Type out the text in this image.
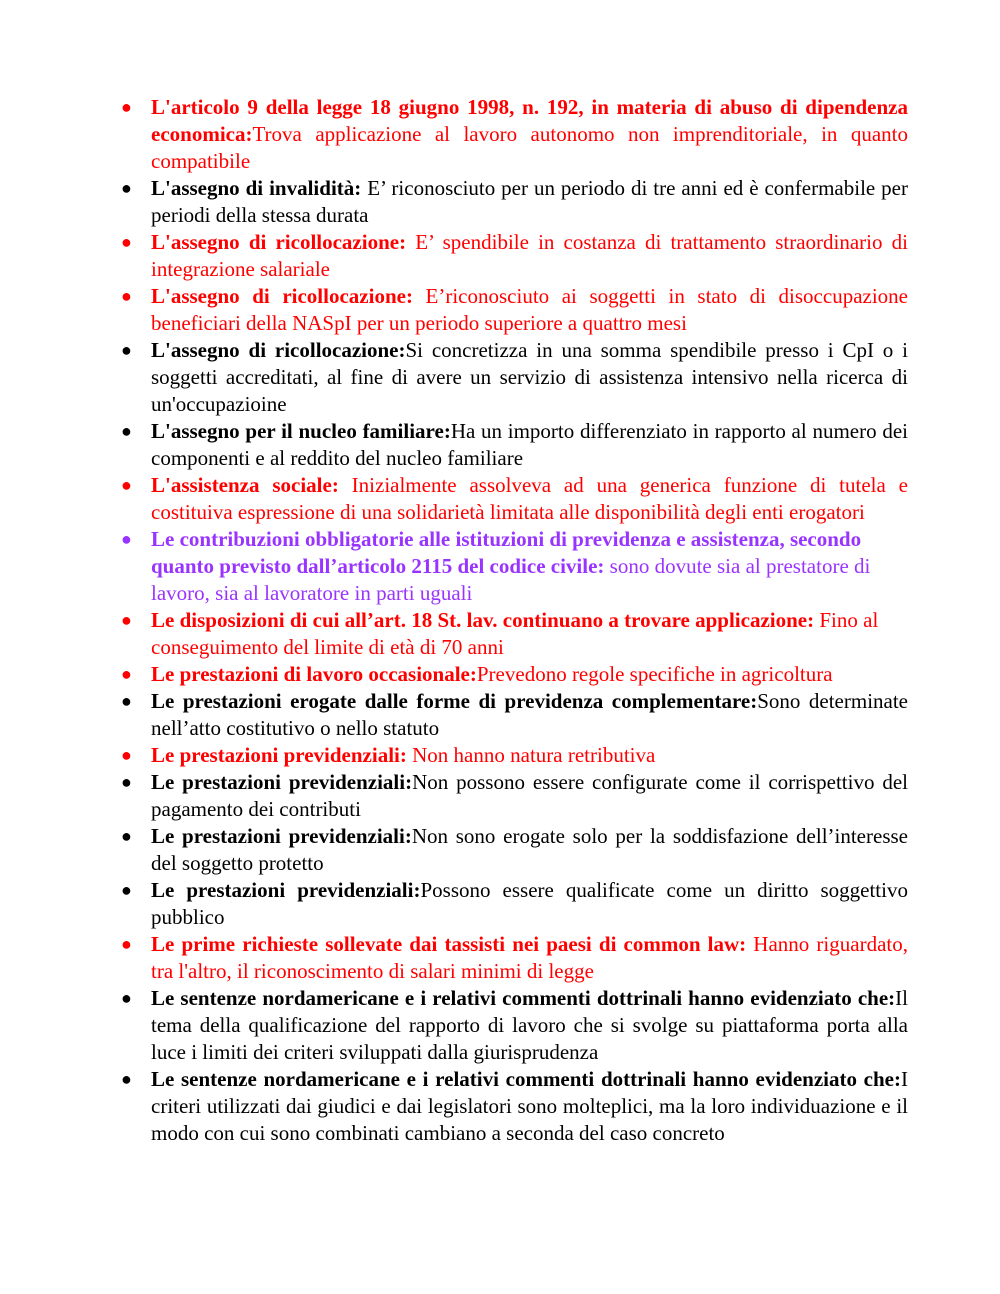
● L'articolo 9 della legge 18 giugno 1998, n. 192, in materia di abuso di dipendenza economica:Trova applicazione al lavoro autonomo non imprenditoriale, in quanto compatibile
● L'assegno di invalidità: E’ riconosciuto per un periodo di tre anni ed è confermabile per periodi della stessa durata
● L'assegno di ricollocazione: E’ spendibile in costanza di trattamento straordinario di integrazione salariale
● L'assegno di ricollocazione: E’riconosciuto ai soggetti in stato di disoccupazione beneficiari della NASpI per un periodo superiore a quattro mesi
● L'assegno di ricollocazione:Si concretizza in una somma spendibile presso i CpI o i soggetti accreditati, al fine di avere un servizio di assistenza intensivo nella ricerca di un'occupazioine
● L'assegno per il nucleo familiare:Ha un importo differenziato in rapporto al numero dei componenti e al reddito del nucleo familiare
● L'assistenza sociale: Inizialmente assolveva ad una generica funzione di tutela e costituiva espressione di una solidarietà limitata alle disponibilità degli enti erogatori
● Le contribuzioni obbligatorie alle istituzioni di previdenza e assistenza, secondo quanto previsto dall’articolo 2115 del codice civile: sono dovute sia al prestatore di lavoro, sia al lavoratore in parti uguali
● Le disposizioni di cui all’art. 18 St. lav. continuano a trovare applicazione: Fino al conseguimento del limite di età di 70 anni
● Le prestazioni di lavoro occasionale:Prevedono regole specifiche in agricoltura
● Le prestazioni erogate dalle forme di previdenza complementare:Sono determinate nell’atto costitutivo o nello statuto
● Le prestazioni previdenziali: Non hanno natura retributiva
● Le prestazioni previdenziali:Non possono essere configurate come il corrispettivo del pagamento dei contributi
● Le prestazioni previdenziali:Non sono erogate solo per la soddisfazione dell’interesse del soggetto protetto
● Le prestazioni previdenziali:Possono essere qualificate come un diritto soggettivo pubblico
● Le prime richieste sollevate dai tassisti nei paesi di common law: Hanno riguardato, tra l'altro, il riconoscimento di salari minimi di legge
● Le sentenze nordamericane e i relativi commenti dottrinali hanno evidenziato che:Il tema della qualificazione del rapporto di lavoro che si svolge su piattaforma porta alla luce i limiti dei criteri sviluppati dalla giurisprudenza
● Le sentenze nordamericane e i relativi commenti dottrinali hanno evidenziato che:I criteri utilizzati dai giudici e dai legislatori sono molteplici, ma la loro individuazione e il modo con cui sono combinati cambiano a seconda del caso concreto
